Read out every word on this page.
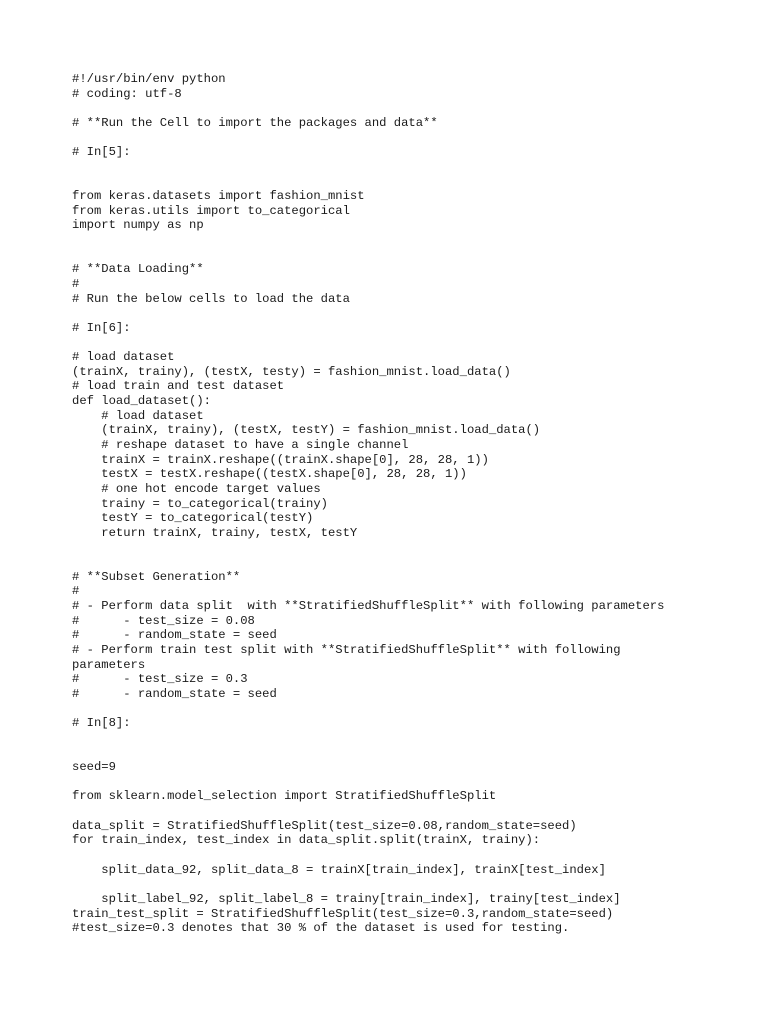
#!/usr/bin/env python
# coding: utf-8
# **Run the Cell to import the packages and data**
# In[5]:
from keras.datasets import fashion_mnist
from keras.utils import to_categorical
import numpy as np
# **Data Loading**
#
# Run the below cells to load the data
# In[6]:
# load dataset
(trainX, trainy), (testX, testy) = fashion_mnist.load_data()
# load train and test dataset
def load_dataset():
# load dataset
(trainX, trainy), (testX, testY) = fashion_mnist.load_data()
# reshape dataset to have a single channel
trainX = trainX.reshape((trainX.shape[0], 28, 28, 1))
testX = testX.reshape((testX.shape[0], 28, 28, 1))
# one hot encode target values
trainy = to_categorical(trainy)
testY = to_categorical(testY)
return trainX, trainy, testX, testY
# **Subset Generation**
#
# - Perform data split  with **StratifiedShuffleSplit** with following parameters
#      - test_size = 0.08
#      - random_state = seed
# - Perform train test split with **StratifiedShuffleSplit** with following
parameters
#      - test_size = 0.3
#      - random_state = seed
# In[8]:
seed=9
from sklearn.model_selection import StratifiedShuffleSplit
data_split = StratifiedShuffleSplit(test_size=0.08,random_state=seed)
for train_index, test_index in data_split.split(trainX, trainy):
split_data_92, split_data_8 = trainX[train_index], trainX[test_index]
split_label_92, split_label_8 = trainy[train_index], trainy[test_index]
train_test_split = StratifiedShuffleSplit(test_size=0.3,random_state=seed)
#test_size=0.3 denotes that 30 % of the dataset is used for testing.
